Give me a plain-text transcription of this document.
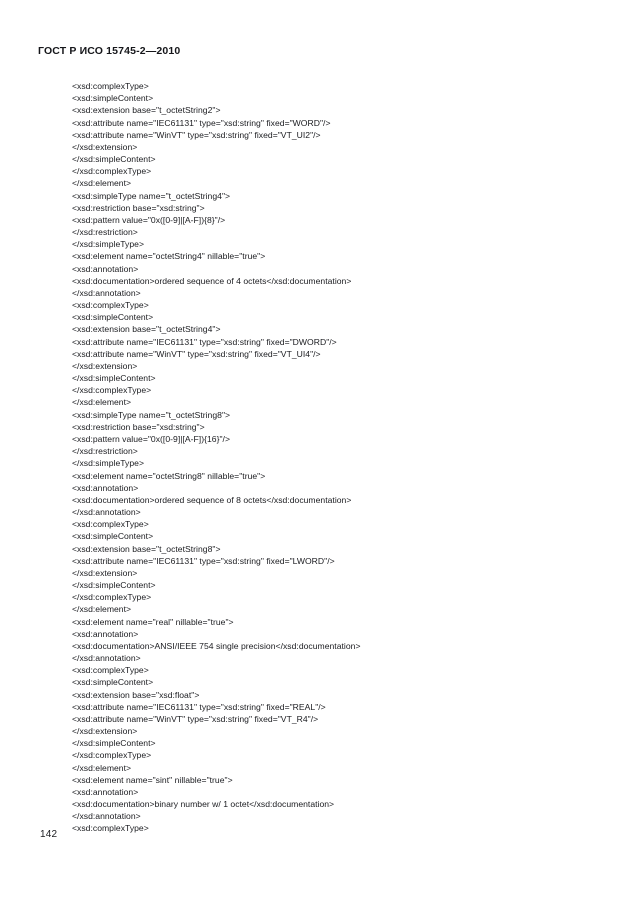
ГОСТ Р ИСО 15745-2—2010
<xsd:complexType>
<xsd:simpleContent>
<xsd:extension base="t_octetString2">
<xsd:attribute name="IEC61131" type="xsd:string" fixed="WORD"/>
<xsd:attribute name="WinVT" type="xsd:string" fixed="VT_UI2"/>
</xsd:extension>
</xsd:simpleContent>
</xsd:complexType>
</xsd:element>
<xsd:simpleType name="t_octetString4">
<xsd:restriction base="xsd:string">
<xsd:pattern value="0x([0-9]|[A-F]){8}"/>
</xsd:restriction>
</xsd:simpleType>
<xsd:element name="octetString4" nillable="true">
<xsd:annotation>
<xsd:documentation>ordered sequence of 4 octets</xsd:documentation>
</xsd:annotation>
<xsd:complexType>
<xsd:simpleContent>
<xsd:extension base="t_octetString4">
<xsd:attribute name="IEC61131" type="xsd:string" fixed="DWORD"/>
<xsd:attribute name="WinVT" type="xsd:string" fixed="VT_UI4"/>
</xsd:extension>
</xsd:simpleContent>
</xsd:complexType>
</xsd:element>
<xsd:simpleType name="t_octetString8">
<xsd:restriction base="xsd:string">
<xsd:pattern value="0x([0-9]|[A-F]){16}"/>
</xsd:restriction>
</xsd:simpleType>
<xsd:element name="octetString8" nillable="true">
<xsd:annotation>
<xsd:documentation>ordered sequence of 8 octets</xsd:documentation>
</xsd:annotation>
<xsd:complexType>
<xsd:simpleContent>
<xsd:extension base="t_octetString8">
<xsd:attribute name="IEC61131" type="xsd:string" fixed="LWORD"/>
</xsd:extension>
</xsd:simpleContent>
</xsd:complexType>
</xsd:element>
<xsd:element name="real" nillable="true">
<xsd:annotation>
<xsd:documentation>ANSI/IEEE 754 single precision</xsd:documentation>
</xsd:annotation>
<xsd:complexType>
<xsd:simpleContent>
<xsd:extension base="xsd:float">
<xsd:attribute name="IEC61131" type="xsd:string" fixed="REAL"/>
<xsd:attribute name="WinVT" type="xsd:string" fixed="VT_R4"/>
</xsd:extension>
</xsd:simpleContent>
</xsd:complexType>
</xsd:element>
<xsd:element name="sint" nillable="true">
<xsd:annotation>
<xsd:documentation>binary number w/ 1 octet</xsd:documentation>
</xsd:annotation>
<xsd:complexType>
142
